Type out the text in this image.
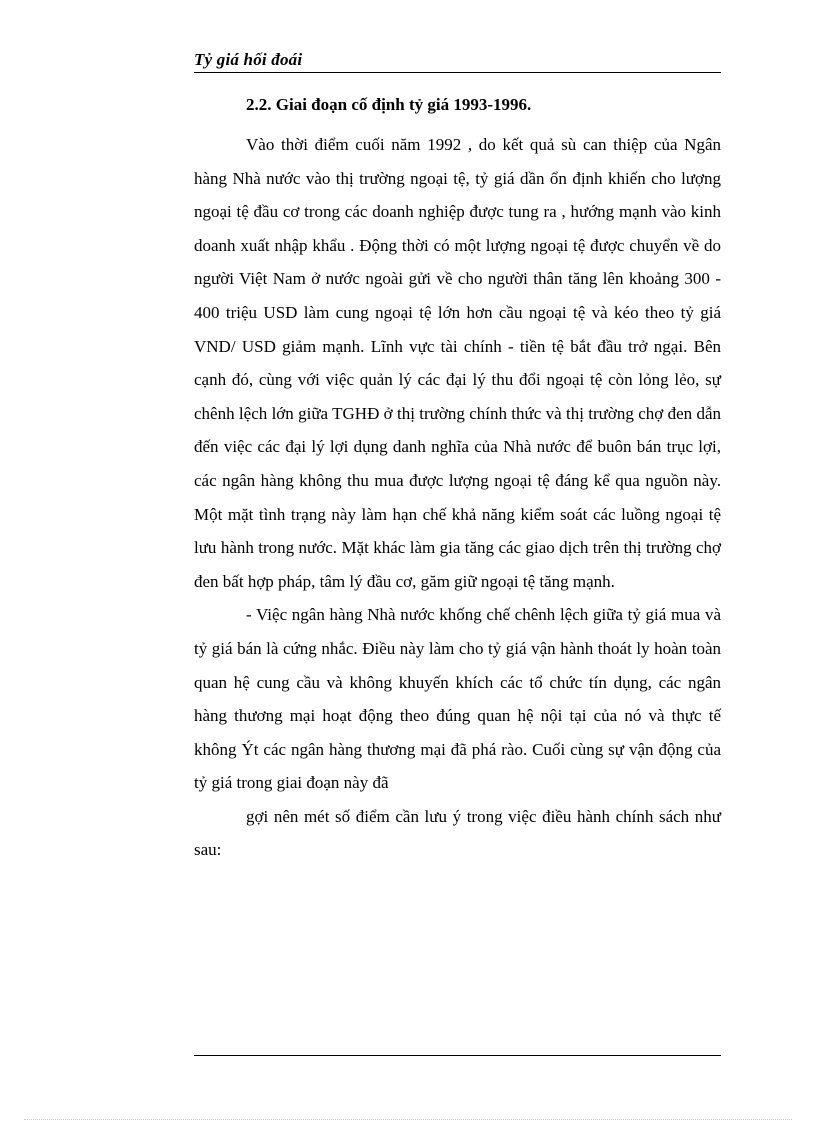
Tỷ giá hối đoái
2.2. Giai đoạn cố định tỷ giá 1993-1996.

Vào thời điểm cuối năm 1992 , do kết quả sù can thiệp của Ngân hàng Nhà nước vào thị trường ngoại tệ, tỷ giá dần ổn định khiến cho lượng ngoại tệ đầu cơ trong các doanh nghiệp được tung ra , hướng mạnh vào kinh doanh xuất nhập khẩu . Động thời có một lượng ngoại tệ được chuyển về do người Việt Nam ở nước ngoài gửi về cho người thân tăng lên khoảng 300 - 400 triệu USD làm cung ngoại tệ lớn hơn cầu ngoại tệ và kéo theo tỷ giá VND/ USD giảm mạnh. Lĩnh vực tài chính - tiền tệ bắt đầu trở ngại. Bên cạnh đó, cùng với việc quản lý các đại lý thu đổi ngoại tệ còn lỏng lẻo, sự chênh lệch lớn giữa TGHĐ ở thị trường chính thức và thị trường chợ đen dẫn đến việc các đại lý lợi dụng danh nghĩa của Nhà nước để buôn bán trục lợi, các ngân hàng không thu mua được lượng ngoại tệ đáng kể qua nguồn này. Một mặt tình trạng này làm hạn chế khả năng kiểm soát các luồng ngoại tệ lưu hành trong nước. Mặt khác làm gia tăng các giao dịch trên thị trường chợ đen bất hợp pháp, tâm lý đầu cơ, găm giữ ngoại tệ tăng mạnh.

- Việc ngân hàng Nhà nước khống chế chênh lệch giữa tỷ giá mua và tỷ giá bán là cứng nhắc. Điều này làm cho tỷ giá vận hành thoát ly hoàn toàn quan hệ cung cầu và không khuyến khích các tổ chức tín dụng, các ngân hàng thương mại hoạt động theo đúng quan hệ nội tại của nó và thực tế không Ýt các ngân hàng thương mại đã phá rào. Cuối cùng sự vận động của tỷ giá trong giai đoạn này đã

gợi nên mét số điểm cần lưu ý trong việc điều hành chính sách như sau:
